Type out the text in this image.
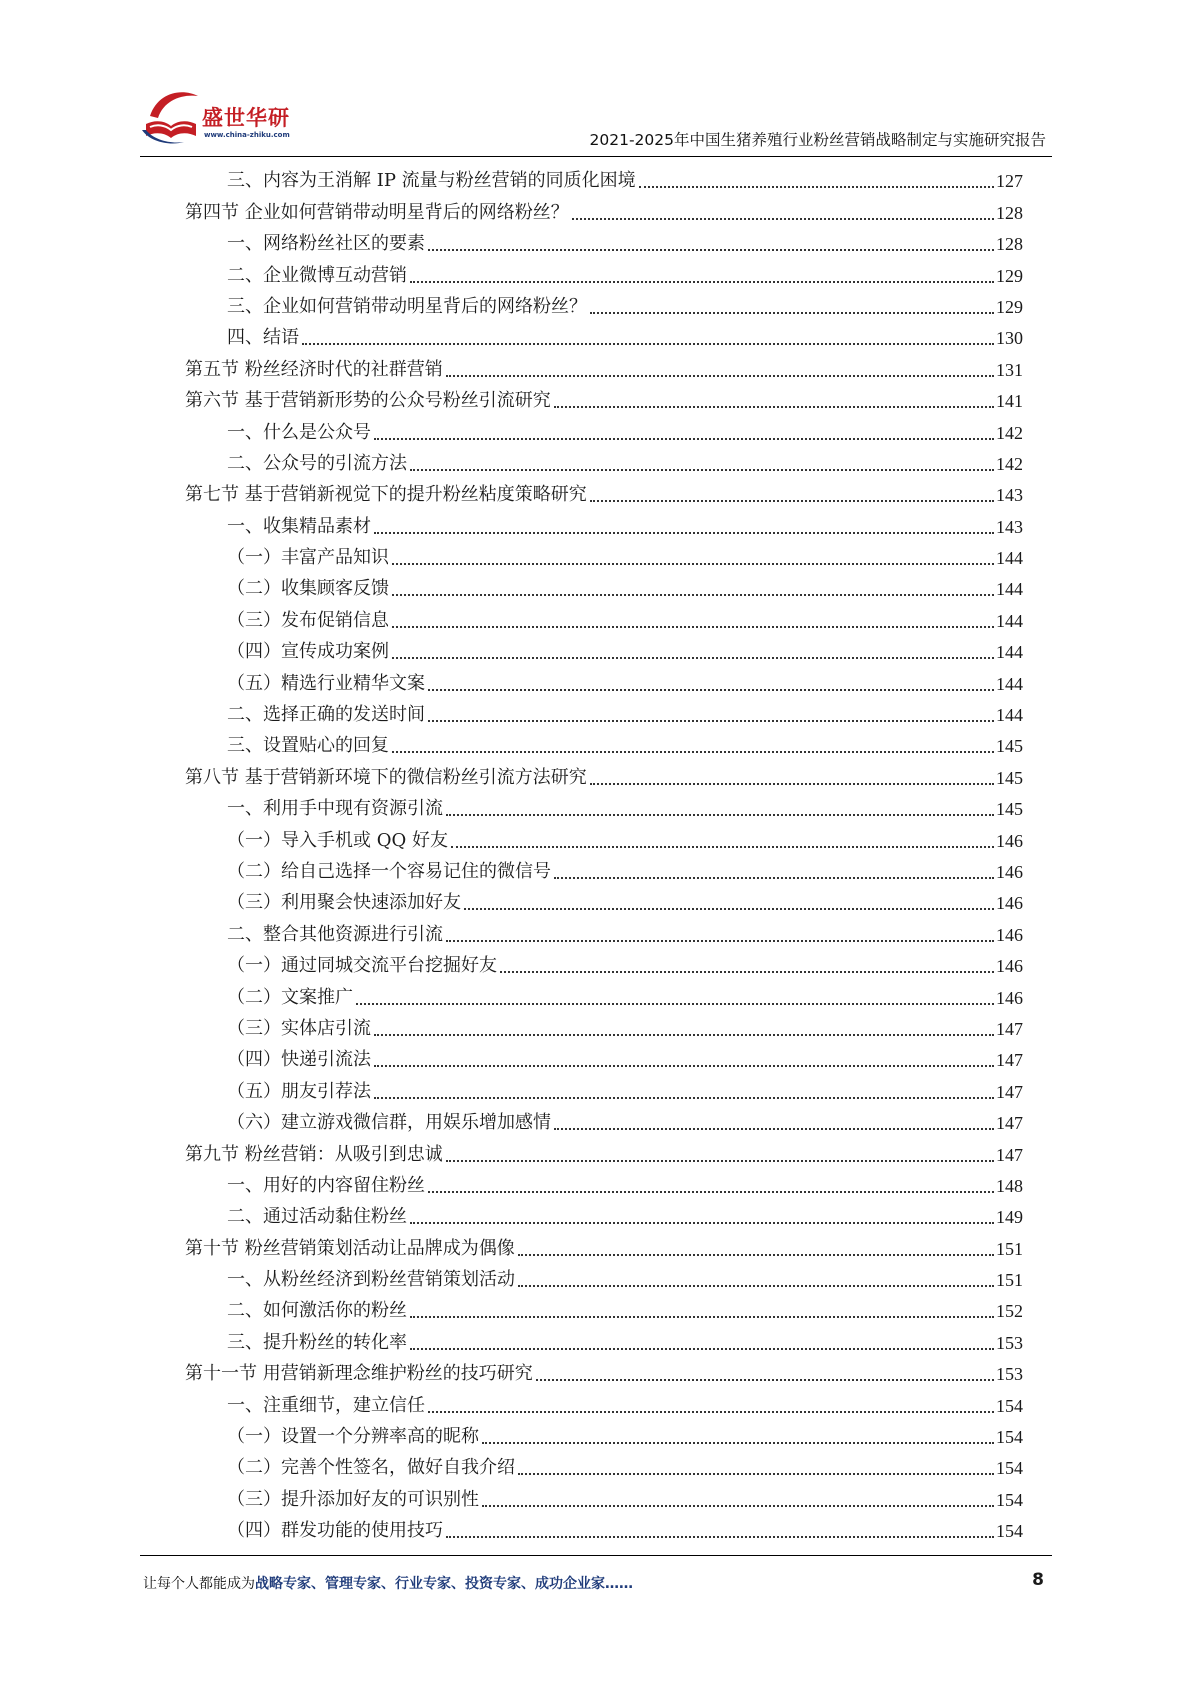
盛世华研
www.china-zhiku.com	2021-2025年中国生猪养殖行业粉丝营销战略制定与实施研究报告
三、内容为王消解 IP 流量与粉丝营销的同质化困境	127
第四节 企业如何营销带动明星背后的网络粉丝？	128
一、网络粉丝社区的要素	128
二、企业微博互动营销	129
三、企业如何营销带动明星背后的网络粉丝？	129
四、结语	130
第五节 粉丝经济时代的社群营销	131
第六节 基于营销新形势的公众号粉丝引流研究	141
一、什么是公众号	142
二、公众号的引流方法	142
第七节 基于营销新视觉下的提升粉丝粘度策略研究	143
一、收集精品素材	143
（一）丰富产品知识	144
（二）收集顾客反馈	144
（三）发布促销信息	144
（四）宣传成功案例	144
（五）精选行业精华文案	144
二、选择正确的发送时间	144
三、设置贴心的回复	145
第八节 基于营销新环境下的微信粉丝引流方法研究	145
一、利用手中现有资源引流	145
（一）导入手机或 QQ 好友	146
（二）给自己选择一个容易记住的微信号	146
（三）利用聚会快速添加好友	146
二、整合其他资源进行引流	146
（一）通过同城交流平台挖掘好友	146
（二）文案推广	146
（三）实体店引流	147
（四）快递引流法	147
（五）朋友引荐法	147
（六）建立游戏微信群，用娱乐增加感情	147
第九节 粉丝营销：从吸引到忠诚	147
一、用好的内容留住粉丝	148
二、通过活动黏住粉丝	149
第十节 粉丝营销策划活动让品牌成为偶像	151
一、从粉丝经济到粉丝营销策划活动	151
二、如何激活你的粉丝	152
三、提升粉丝的转化率	153
第十一节 用营销新理念维护粉丝的技巧研究	153
一、注重细节，建立信任	154
（一）设置一个分辨率高的昵称	154
（二）完善个性签名，做好自我介绍	154
（三）提升添加好友的可识别性	154
（四）群发功能的使用技巧	154
让每个人都能成为战略专家、管理专家、行业专家、投资专家、成功企业家……	8
